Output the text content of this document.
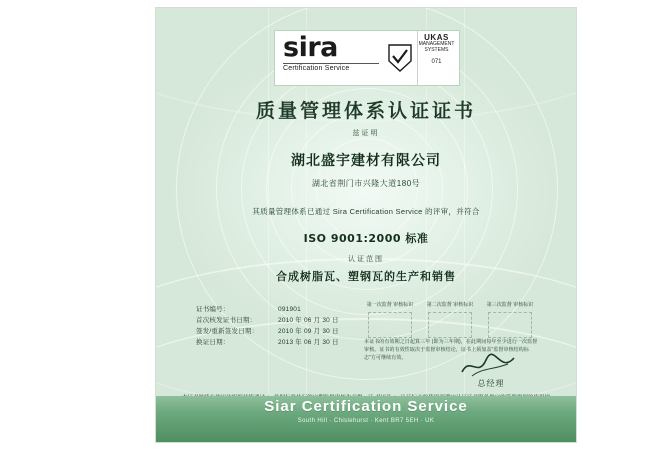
sira
Certification Service
UKAS
MANAGEMENT
SYSTEMS
071
质量管理体系认证证书
兹证明
湖北盛宇建材有限公司
湖北省荆门市兴隆大道180号
其质量管理体系已通过 Sira Certification Service 的评审，并符合
ISO 9001:2000 标准
认证范围
合成树脂瓦、塑钢瓦的生产和销售
证书编号：	091901
首次核发证书日期：	2010 年 06 月 30 日
签发/重新签发日期：	2010 年 09 月 30 日
换证日期：	2013 年 06 月 30 日
第一次监督 审核标识	第二次监督 审核标识	第三次监督 审核标识
本证书的有效期之日起算三年 (即为三年期)，在此期间每年至少进行一次监督审核。证书的有效性取决于监督审核结论，证书上须加盖“监督审核结构标志”方可继续有效。
总经理
Siar Certification Service
South Hill · Chislehurst · Kent BR7 5EH · UK
